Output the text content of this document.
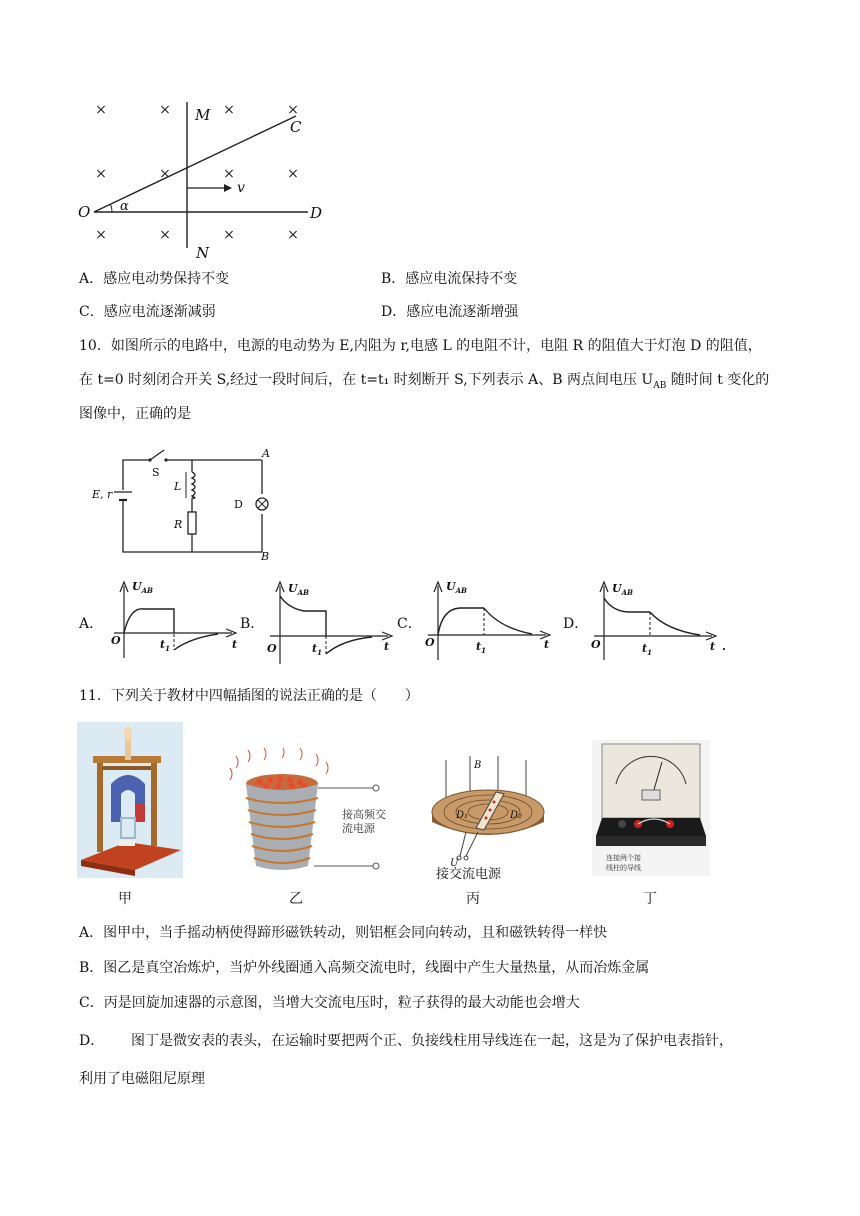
×	×	×	×
×	×	×	×
×	×	×	×
M
C
O α
v
D
N
A．感应电动势保持不变	B．感应电流保持不变
C．感应电流逐渐减弱	D．感应电流逐渐增强
10．如图所示的电路中，电源的电动势为 E,内阻为 r,电感 L 的电阻不计，电阻 R 的阻值大于灯泡 D 的阻值，
在 t=0 时刻闭合开关 S,经过一段时间后，在 t=t₁ 时刻断开 S,下列表示 A、B 两点间电压 $U_{AB}$ 随时间 t 变化的
图像中，正确的是
S
A
L
E, r
D
R
B
A．	B．	C．	D．
$U_{AB}$
O	$t_1$	t
$U_{AB}$
O	$t_1$	t
$U_{AB}$
O	$t_1$	t
$U_{AB}$
O	$t_1$	t .
11．下列关于教材中四幅插图的说法正确的是（　　）
甲
接高频交
流电源
乙
B
D₁	D₂
U
接交流电源
丙
连接两个接
线柱的导线
丁
A．图甲中，当手摇动柄使得蹄形磁铁转动，则铝框会同向转动，且和磁铁转得一样快
B．图乙是真空冶炼炉，当炉外线圈通入高频交流电时，线圈中产生大量热量，从而冶炼金属
C．丙是回旋加速器的示意图，当增大交流电压时，粒子获得的最大动能也会增大
D． 图丁是微安表的表头，在运输时要把两个正、负接线柱用导线连在一起，这是为了保护电表指针，
利用了电磁阻尼原理
